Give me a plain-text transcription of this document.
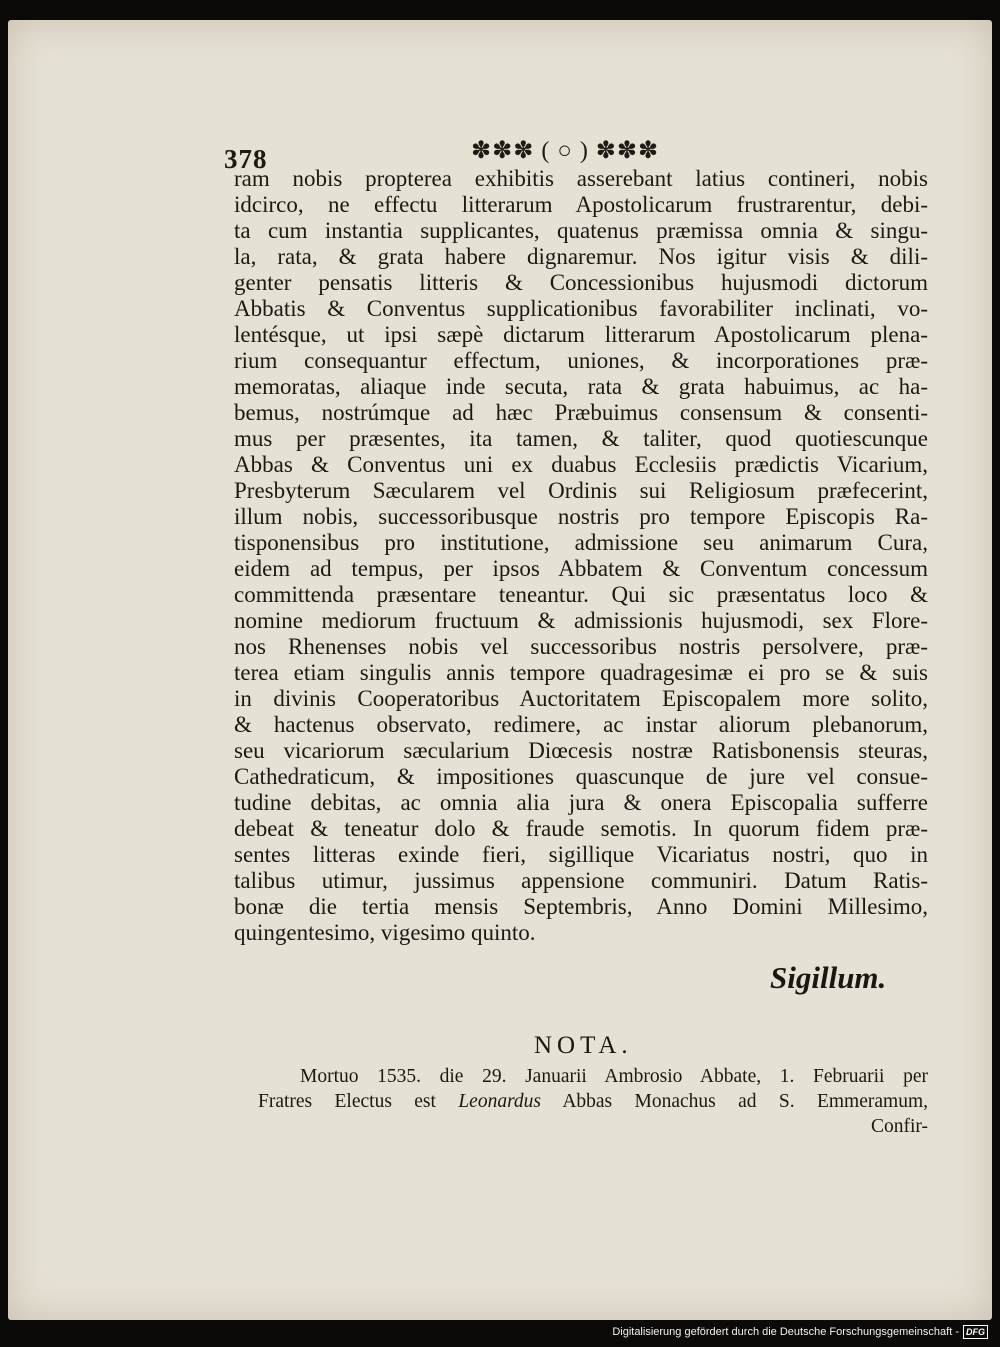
378	✽✽✽ ( ○ ) ✽✽✽
ram nobis propterea exhibitis asserebant latius contineri, nobis
idcirco, ne effectu litterarum Apostolicarum frustrarentur, debi-
ta cum instantia supplicantes, quatenus præmissa omnia & singu-
la, rata, & grata habere dignaremur. Nos igitur visis & dili-
genter pensatis litteris & Concessionibus hujusmodi dictorum
Abbatis & Conventus supplicationibus favorabiliter inclinati, vo-
lentésque, ut ipsi sæpè dictarum litterarum Apostolicarum plena-
rium consequantur effectum, uniones, & incorporationes præ-
memoratas, aliaque inde secuta, rata & grata habuimus, ac ha-
bemus, nostrúmque ad hæc Præbuimus consensum & consenti-
mus per præsentes, ita tamen, & taliter, quod quotiescunque
Abbas & Conventus uni ex duabus Ecclesiis prædictis Vicarium,
Presbyterum Sæcularem vel Ordinis sui Religiosum præfecerint,
illum nobis, successoribusque nostris pro tempore Episcopis Ra-
tisponensibus pro institutione, admissione seu animarum Cura,
eidem ad tempus, per ipsos Abbatem & Conventum concessum
committenda præsentare teneantur. Qui sic præsentatus loco &
nomine mediorum fructuum & admissionis hujusmodi, sex Flore-
nos Rhenenses nobis vel successoribus nostris persolvere, præ-
terea etiam singulis annis tempore quadragesimæ ei pro se & suis
in divinis Cooperatoribus Auctoritatem Episcopalem more solito,
& hactenus observato, redimere, ac instar aliorum plebanorum,
seu vicariorum sæcularium Diœcesis nostræ Ratisbonensis steuras,
Cathedraticum, & impositiones quascunque de jure vel consue-
tudine debitas, ac omnia alia jura & onera Episcopalia sufferre
debeat & teneatur dolo & fraude semotis. In quorum fidem præ-
sentes litteras exinde fieri, sigillique Vicariatus nostri, quo in
talibus utimur, jussimus appensione communiri. Datum Ratis-
bonæ die tertia mensis Septembris, Anno Domini Millesimo,
quingentesimo, vigesimo quinto.
Sigillum.
NOTA.
Mortuo 1535. die 29. Januarii Ambrosio Abbate, 1. Februarii per
Fratres Electus est Leonardus Abbas Monachus ad S. Emmeramum,
Confir-
Digitalisierung gefördert durch die Deutsche Forschungsgemeinschaft - DFG
